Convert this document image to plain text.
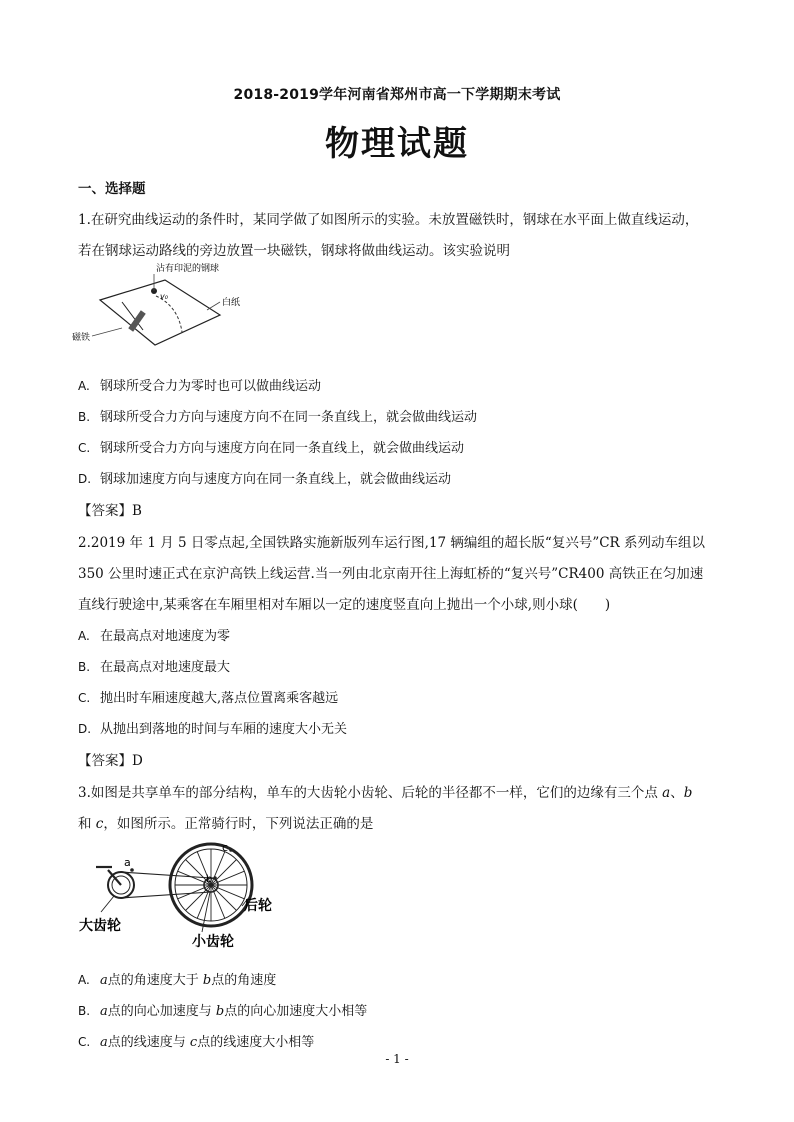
2018-2019学年河南省郑州市高一下学期期末考试
物理试题
一、选择题
1.在研究曲线运动的条件时，某同学做了如图所示的实验。未放置磁铁时，钢球在水平面上做直线运动，
若在钢球运动路线的旁边放置一块磁铁，钢球将做曲线运动。该实验说明
沾有印泥的钢球
v₀
白纸
磁铁
A. 钢球所受合力为零时也可以做曲线运动
B. 钢球所受合力方向与速度方向不在同一条直线上，就会做曲线运动
C. 钢球所受合力方向与速度方向在同一条直线上，就会做曲线运动
D. 钢球加速度方向与速度方向在同一条直线上，就会做曲线运动
【答案】B
2.2019 年 1 月 5 日零点起,全国铁路实施新版列车运行图,17 辆编组的超长版“复兴号”CR 系列动车组以
350 公里时速正式在京沪高铁上线运营.当一列由北京南开往上海虹桥的“复兴号”CR400 高铁正在匀加速
直线行驶途中,某乘客在车厢里相对车厢以一定的速度竖直向上抛出一个小球,则小球(　　)
A. 在最高点对地速度为零
B. 在最高点对地速度最大
C. 抛出时车厢速度越大,落点位置离乘客越远
D. 从抛出到落地的时间与车厢的速度大小无关
【答案】D
3.如图是共享单车的部分结构，单车的大齿轮小齿轮、后轮的半径都不一样，它们的边缘有三个点 a、b
和 c，如图所示。正常骑行时，下列说法正确的是
a
b
c
大齿轮
小齿轮
后轮
A. a点的角速度大于 b点的角速度
B. a点的向心加速度与 b点的向心加速度大小相等
C. a点的线速度与 c点的线速度大小相等
- 1 -
